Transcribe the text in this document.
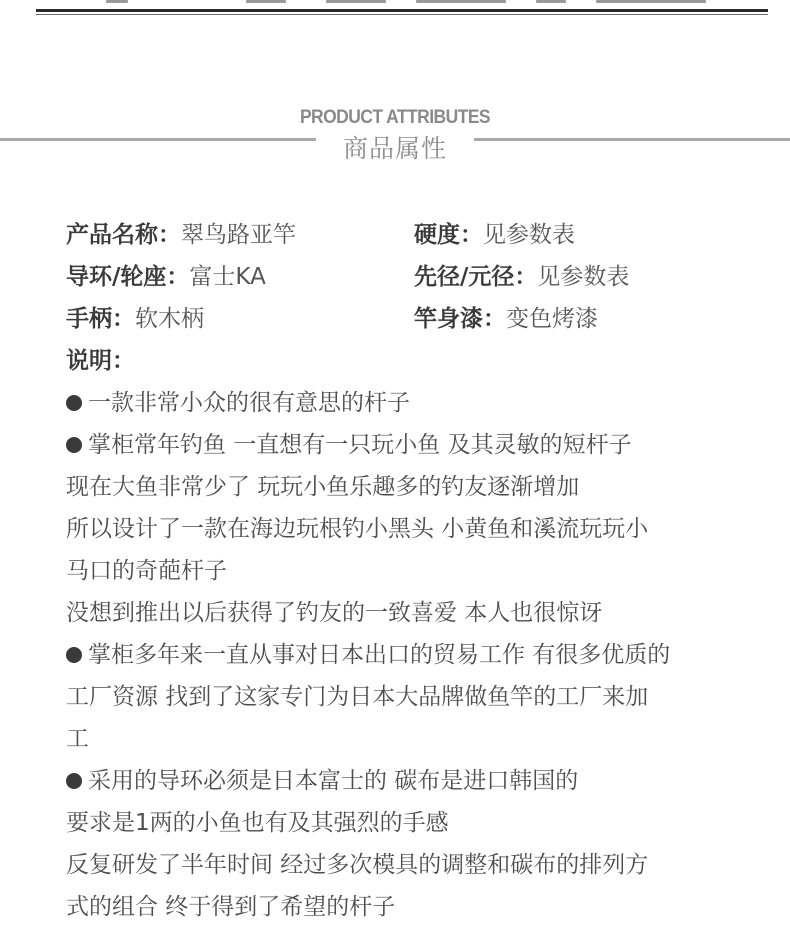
PRODUCT ATTRIBUTES
商品属性
产品名称：翠鸟路亚竿	硬度：见参数表
导环/轮座：富士KA	先径/元径：见参数表
手柄：软木柄	竿身漆：变色烤漆
说明：

一款非常小众的很有意思的杆子

掌柜常年钓鱼 一直想有一只玩小鱼 及其灵敏的短杆子

现在大鱼非常少了 玩玩小鱼乐趣多的钓友逐渐增加

所以设计了一款在海边玩根钓小黑头 小黄鱼和溪流玩玩小

马口的奇葩杆子

没想到推出以后获得了钓友的一致喜爱 本人也很惊讶

掌柜多年来一直从事对日本出口的贸易工作 有很多优质的

工厂资源 找到了这家专门为日本大品牌做鱼竿的工厂来加

工

采用的导环必须是日本富士的 碳布是进口韩国的

要求是1两的小鱼也有及其强烈的手感

反复研发了半年时间 经过多次模具的调整和碳布的排列方

式的组合 终于得到了希望的杆子
